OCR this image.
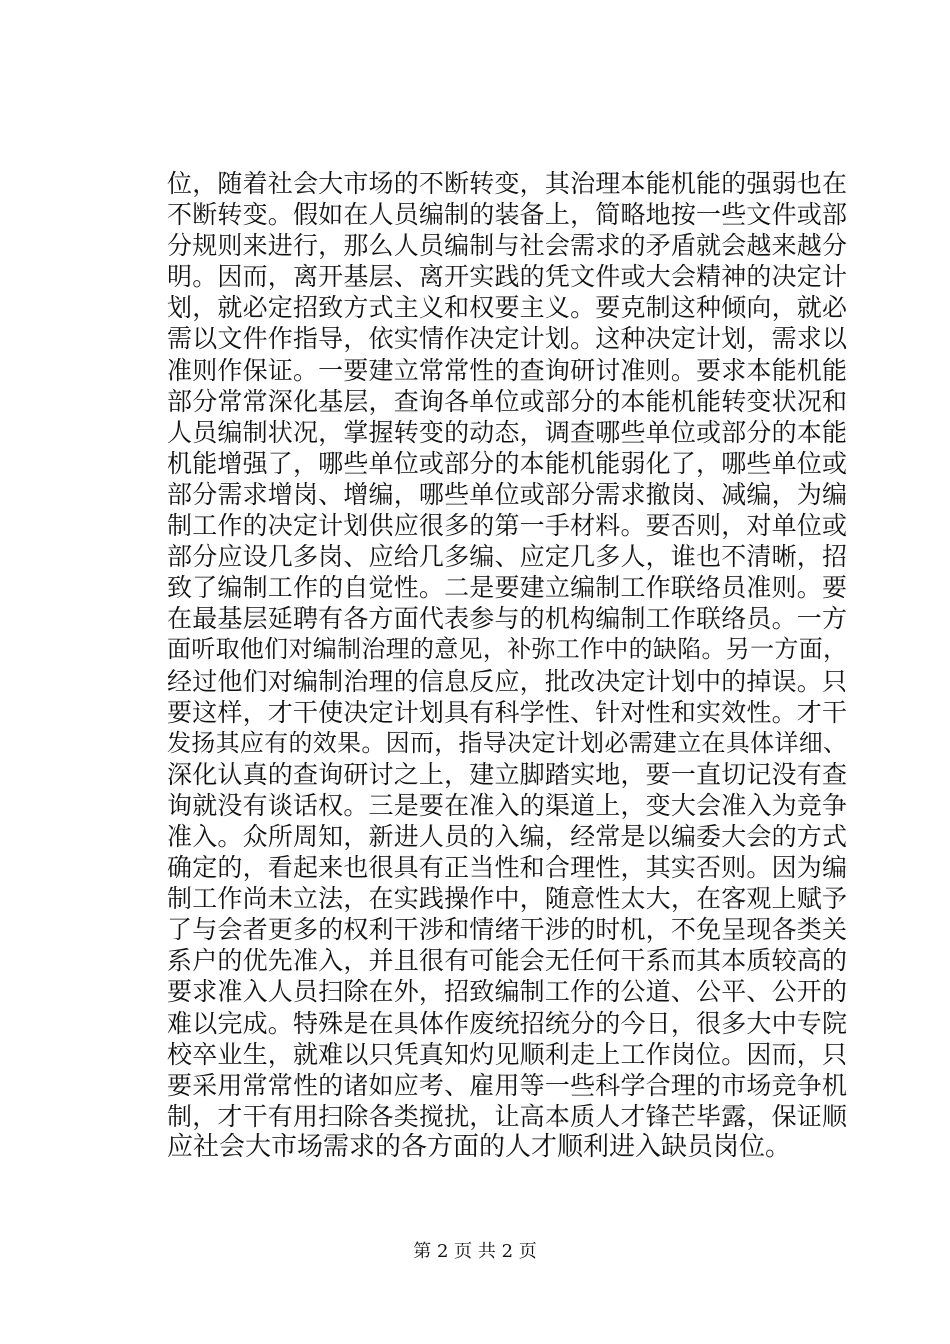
位，随着社会大市场的不断转变，其治理本能机能的强弱也在
不断转变。假如在人员编制的装备上，简略地按一些文件或部
分规则来进行，那么人员编制与社会需求的矛盾就会越来越分
明。因而，离开基层、离开实践的凭文件或大会精神的决定计
划，就必定招致方式主义和权要主义。要克制这种倾向，就必
需以文件作指导，依实情作决定计划。这种决定计划，需求以
准则作保证。一要建立常常性的查询研讨准则。要求本能机能
部分常常深化基层，查询各单位或部分的本能机能转变状况和
人员编制状况，掌握转变的动态，调查哪些单位或部分的本能
机能增强了，哪些单位或部分的本能机能弱化了，哪些单位或
部分需求增岗、增编，哪些单位或部分需求撤岗、减编，为编
制工作的决定计划供应很多的第一手材料。要否则，对单位或
部分应设几多岗、应给几多编、应定几多人，谁也不清晰，招
致了编制工作的自觉性。二是要建立编制工作联络员准则。要
在最基层延聘有各方面代表参与的机构编制工作联络员。一方
面听取他们对编制治理的意见，补弥工作中的缺陷。另一方面，
经过他们对编制治理的信息反应，批改决定计划中的掉误。只
要这样，才干使决定计划具有科学性、针对性和实效性。才干
发扬其应有的效果。因而，指导决定计划必需建立在具体详细、
深化认真的查询研讨之上，建立脚踏实地，要一直切记没有查
询就没有谈话权。三是要在准入的渠道上，变大会准入为竞争
准入。众所周知，新进人员的入编，经常是以编委大会的方式
确定的，看起来也很具有正当性和合理性，其实否则。因为编
制工作尚未立法，在实践操作中，随意性太大，在客观上赋予
了与会者更多的权利干涉和情绪干涉的时机，不免呈现各类关
系户的优先准入，并且很有可能会无任何干系而其本质较高的
要求准入人员扫除在外，招致编制工作的公道、公平、公开的
难以完成。特殊是在具体作废统招统分的今日，很多大中专院
校卒业生，就难以只凭真知灼见顺利走上工作岗位。因而，只
要采用常常性的诸如应考、雇用等一些科学合理的市场竞争机
制，才干有用扫除各类搅扰，让高本质人才锋芒毕露，保证顺
应社会大市场需求的各方面的人才顺利进入缺员岗位。
第 2 页 共 2 页
